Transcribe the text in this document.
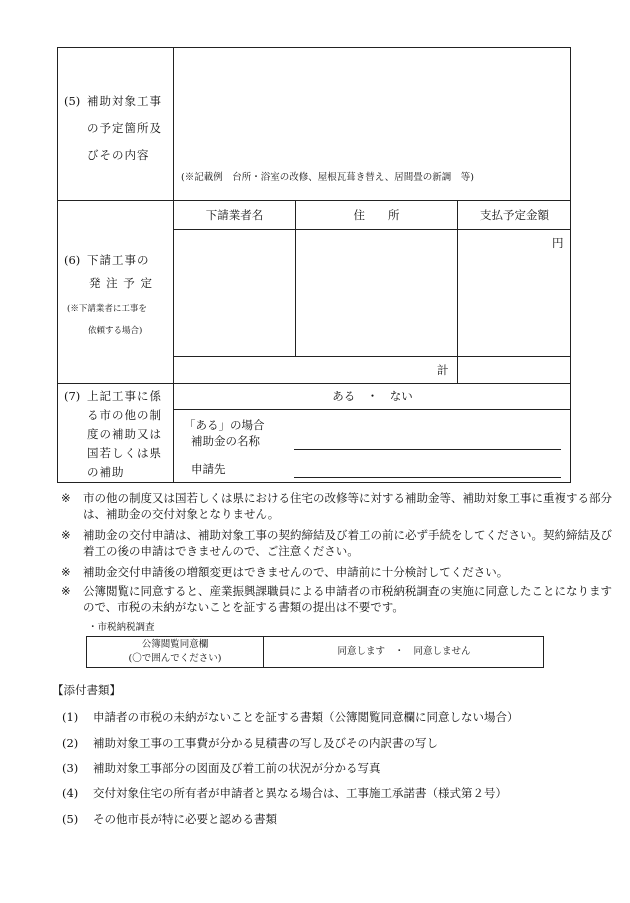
(5) 補助対象工事
の予定箇所及
びその内容
(※記載例　台所・浴室の改修、屋根瓦葺き替え、居間畳の新調　等)
(6) 下請工事の
発 注 予 定
(※下請業者に工事を
依頼する場合)
下請業者名	住　　所	支払予定金額
円
計
(7) 上記工事に係
る市の他の制
度の補助又は
国若しくは県
の補助
ある　・　ない
「ある」の場合
補助金の名称
申請先
※ 市の他の制度又は国若しくは県における住宅の改修等に対する補助金等、補助対象工事に重複する部分は、補助金の交付対象となりません。
※ 補助金の交付申請は、補助対象工事の契約締結及び着工の前に必ず手続をしてください。契約締結及び着工の後の申請はできませんので、ご注意ください。
※ 補助金交付申請後の増額変更はできませんので、申請前に十分検討してください。
※ 公簿閲覧に同意すると、産業振興課職員による申請者の市税納税調査の実施に同意したことになりますので、市税の未納がないことを証する書類の提出は不要です。
・市税納税調査
公簿閲覧同意欄
(〇で囲んでください)
同意します　・　同意しません
【添付書類】
(1) 申請者の市税の未納がないことを証する書類（公簿閲覧同意欄に同意しない場合）
(2) 補助対象工事の工事費が分かる見積書の写し及びその内訳書の写し
(3) 補助対象工事部分の図面及び着工前の状況が分かる写真
(4) 交付対象住宅の所有者が申請者と異なる場合は、工事施工承諾書（様式第２号）
(5) その他市長が特に必要と認める書類
